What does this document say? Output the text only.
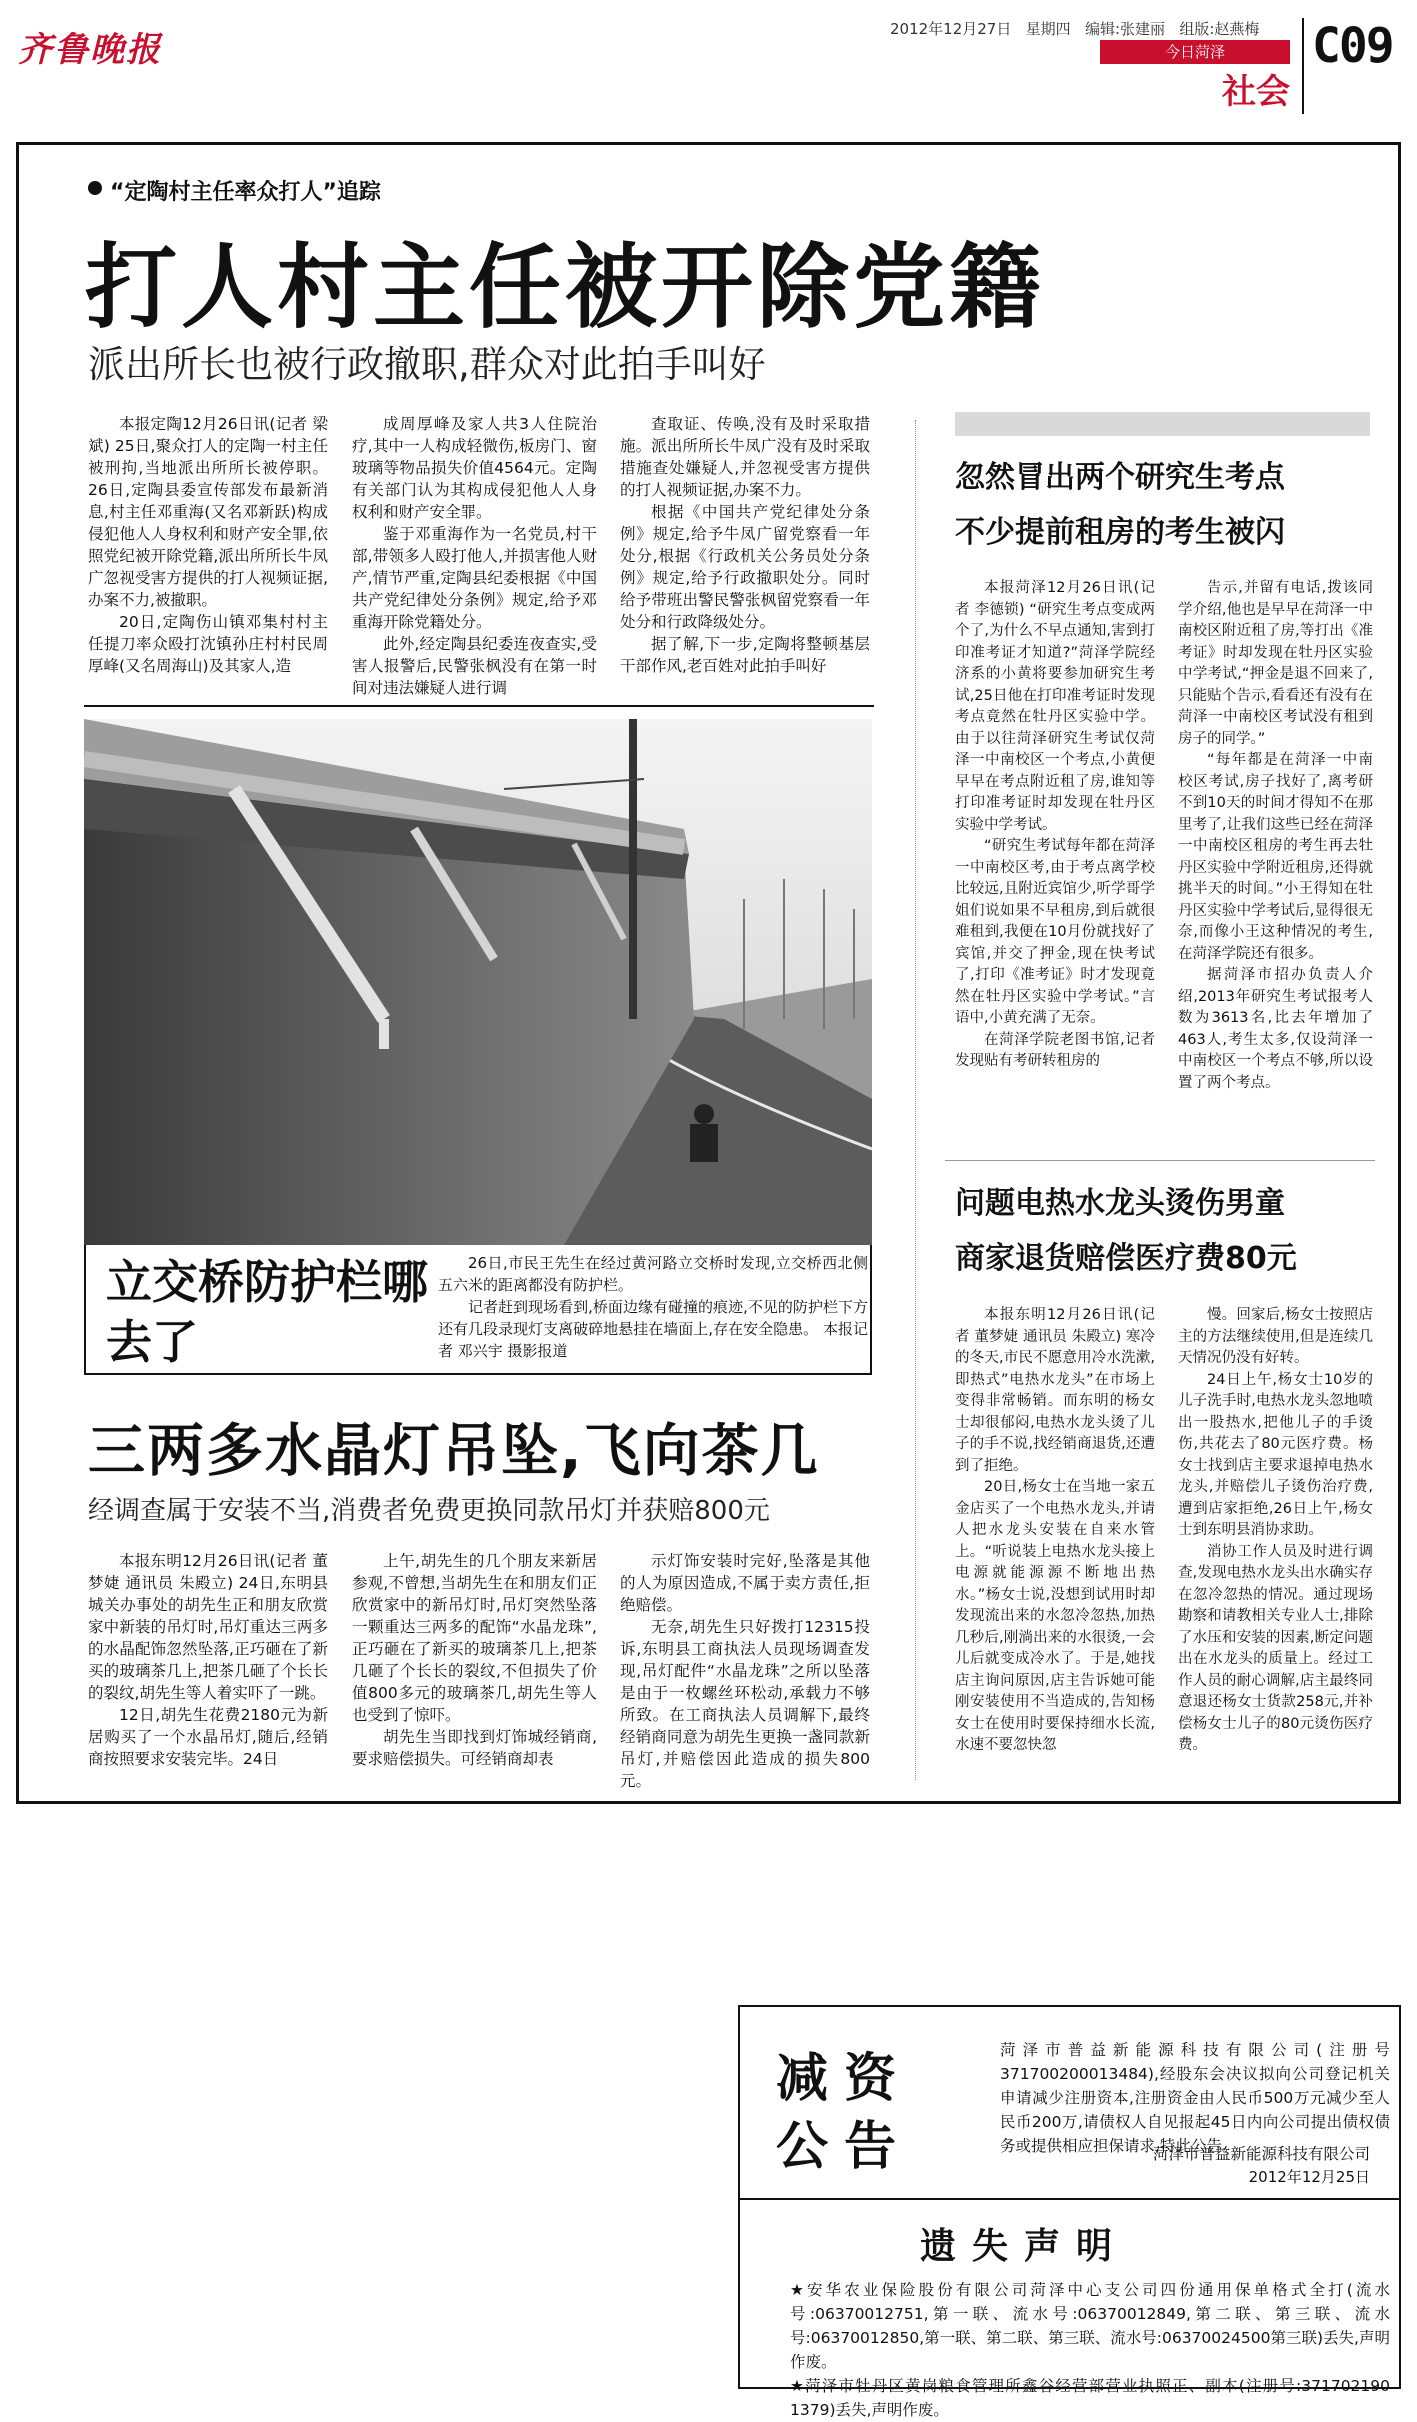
齐鲁晚报
2012年12月27日 星期四 编辑:张建丽 组版:赵燕梅
今日菏泽
社会
C09
“定陶村主任率众打人”追踪
打人村主任被开除党籍
派出所长也被行政撤职,群众对此拍手叫好

本报定陶12月26日讯(记者 梁斌) 25日,聚众打人的定陶一村主任被刑拘,当地派出所所长被停职。26日,定陶县委宣传部发布最新消息,村主任邓重海(又名邓新跃)构成侵犯他人人身权利和财产安全罪,依照党纪被开除党籍,派出所所长牛凤广忽视受害方提供的打人视频证据,办案不力,被撤职。

20日,定陶伤山镇邓集村村主任提刀率众殴打沈镇孙庄村村民周厚峰(又名周海山)及其家人,造

成周厚峰及家人共3人住院治疗,其中一人构成轻微伤,板房门、窗玻璃等物品损失价值4564元。定陶有关部门认为其构成侵犯他人人身权利和财产安全罪。

鉴于邓重海作为一名党员,村干部,带领多人殴打他人,并损害他人财产,情节严重,定陶县纪委根据《中国共产党纪律处分条例》规定,给予邓重海开除党籍处分。

此外,经定陶县纪委连夜查实,受害人报警后,民警张枫没有在第一时间对违法嫌疑人进行调

查取证、传唤,没有及时采取措施。派出所所长牛凤广没有及时采取措施查处嫌疑人,并忽视受害方提供的打人视频证据,办案不力。

根据《中国共产党纪律处分条例》规定,给予牛凤广留党察看一年处分,根据《行政机关公务员处分条例》规定,给予行政撤职处分。同时给予带班出警民警张枫留党察看一年处分和行政降级处分。

据了解,下一步,定陶将整顿基层干部作风,老百姓对此拍手叫好

立交桥防护栏哪去了

26日,市民王先生在经过黄河路立交桥时发现,立交桥西北侧五六米的距离都没有防护栏。

记者赶到现场看到,桥面边缘有碰撞的痕迹,不见的防护栏下方还有几段录现灯支离破碎地悬挂在墙面上,存在安全隐患。 本报记者 邓兴宇 摄影报道

三两多水晶灯吊坠,飞向茶几
经调查属于安装不当,消费者免费更换同款吊灯并获赔800元

本报东明12月26日讯(记者 董梦婕 通讯员 朱殿立) 24日,东明县城关办事处的胡先生正和朋友欣赏家中新装的吊灯时,吊灯重达三两多的水晶配饰忽然坠落,正巧砸在了新买的玻璃茶几上,把茶几砸了个长长的裂纹,胡先生等人着实吓了一跳。

12日,胡先生花费2180元为新居购买了一个水晶吊灯,随后,经销商按照要求安装完毕。24日

上午,胡先生的几个朋友来新居参观,不曾想,当胡先生在和朋友们正欣赏家中的新吊灯时,吊灯突然坠落一颗重达三两多的配饰“水晶龙珠”,正巧砸在了新买的玻璃茶几上,把茶几砸了个长长的裂纹,不但损失了价值800多元的玻璃茶几,胡先生等人也受到了惊吓。

胡先生当即找到灯饰城经销商,要求赔偿损失。可经销商却表

示灯饰安装时完好,坠落是其他的人为原因造成,不属于卖方责任,拒绝赔偿。

无奈,胡先生只好拨打12315投诉,东明县工商执法人员现场调查发现,吊灯配件“水晶龙珠”之所以坠落是由于一枚螺丝环松动,承载力不够所致。在工商执法人员调解下,最终经销商同意为胡先生更换一盏同款新吊灯,并赔偿因此造成的损失800元。

忽然冒出两个研究生考点
不少提前租房的考生被闪

本报菏泽12月26日讯(记者 李德锁) “研究生考点变成两个了,为什么不早点通知,害到打印准考证才知道?”菏泽学院经济系的小黄将要参加研究生考试,25日他在打印准考证时发现考点竟然在牡丹区实验中学。由于以往菏泽研究生考试仅菏泽一中南校区一个考点,小黄便早早在考点附近租了房,谁知等打印准考证时却发现在牡丹区实验中学考试。

“研究生考试每年都在菏泽一中南校区考,由于考点离学校比较远,且附近宾馆少,听学哥学姐们说如果不早租房,到后就很难租到,我便在10月份就找好了宾馆,并交了押金,现在快考试了,打印《准考证》时才发现竟然在牡丹区实验中学考试。”言语中,小黄充满了无奈。

在菏泽学院老图书馆,记者发现贴有考研转租房的

告示,并留有电话,拨该同学介绍,他也是早早在菏泽一中南校区附近租了房,等打出《准考证》时却发现在牡丹区实验中学考试,“押金是退不回来了,只能贴个告示,看看还有没有在菏泽一中南校区考试没有租到房子的同学。”

“每年都是在菏泽一中南校区考试,房子找好了,离考研不到10天的时间才得知不在那里考了,让我们这些已经在菏泽一中南校区租房的考生再去牡丹区实验中学附近租房,还得就挑半天的时间。”小王得知在牡丹区实验中学考试后,显得很无奈,而像小王这种情况的考生,在菏泽学院还有很多。

据菏泽市招办负责人介绍,2013年研究生考试报考人数为3613名,比去年增加了463人,考生太多,仅设菏泽一中南校区一个考点不够,所以设置了两个考点。

问题电热水龙头烫伤男童
商家退货赔偿医疗费80元

本报东明12月26日讯(记者 董梦婕 通讯员 朱殿立) 寒冷的冬天,市民不愿意用冷水洗漱,即热式”电热水龙头”在市场上变得非常畅销。而东明的杨女士却很郁闷,电热水龙头烫了儿子的手不说,找经销商退货,还遭到了拒绝。

20日,杨女士在当地一家五金店买了一个电热水龙头,并请人把水龙头安装在自来水管上。“听说装上电热水龙头接上电源就能源源不断地出热水。”杨女士说,没想到试用时却发现流出来的水忽冷忽热,加热几秒后,刚淌出来的水很烫,一会儿后就变成冷水了。于是,她找店主询问原因,店主告诉她可能刚安装使用不当造成的,告知杨女士在使用时要保持细水长流,水速不要忽快忽

慢。回家后,杨女士按照店主的方法继续使用,但是连续几天情况仍没有好转。

24日上午,杨女士10岁的儿子洗手时,电热水龙头忽地喷出一股热水,把他儿子的手烫伤,共花去了80元医疗费。杨女士找到店主要求退掉电热水龙头,并赔偿儿子烫伤治疗费,遭到店家拒绝,26日上午,杨女士到东明县消协求助。

消协工作人员及时进行调查,发现电热水龙头出水确实存在忽冷忽热的情况。通过现场勘察和请教相关专业人士,排除了水压和安装的因素,断定问题出在水龙头的质量上。经过工作人员的耐心调解,店主最终同意退还杨女士货款258元,并补偿杨女士儿子的80元烫伤医疗费。

减资公告
菏泽市普益新能源科技有限公司(注册号371700200013484),经股东会决议拟向公司登记机关申请减少注册资本,注册资金由人民币500万元减少至人民币200万,请债权人自见报起45日内向公司提出债权债务或提供相应担保请求,特此公告。
菏泽市普益新能源科技有限公司
2012年12月25日
遗失声明
★安华农业保险股份有限公司菏泽中心支公司四份通用保单格式全打(流水号:06370012751,第一联、流水号:06370012849,第二联、第三联、流水号:06370012850,第一联、第二联、第三联、流水号:06370024500第三联)丢失,声明作废。
★菏泽市牡丹区黄岗粮食管理所鑫谷经营部营业执照正、副本(注册号:371702190 1379)丢失,声明作废。
